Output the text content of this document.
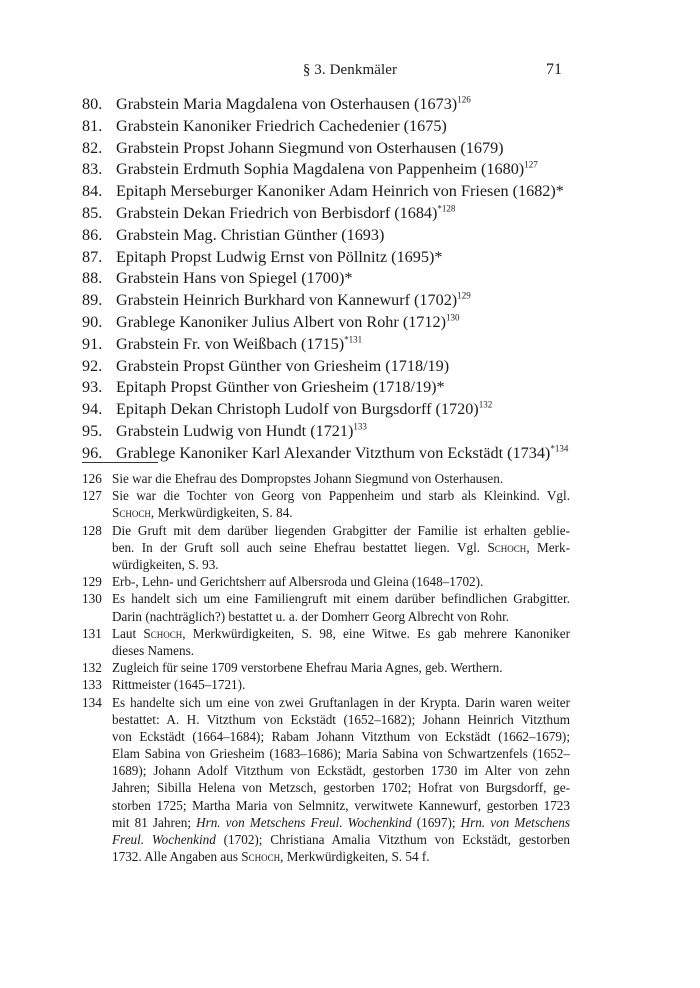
§ 3. Denkmäler	71
80. Grabstein Maria Magdalena von Osterhausen (1673)$^{126}$
81. Grabstein Kanoniker Friedrich Cachedenier (1675)
82. Grabstein Propst Johann Siegmund von Osterhausen (1679)
83. Grabstein Erdmuth Sophia Magdalena von Pappenheim (1680)$^{127}$
84. Epitaph Merseburger Kanoniker Adam Heinrich von Friesen (1682)*
85. Grabstein Dekan Friedrich von Berbisdorf (1684)$^{*128}$
86. Grabstein Mag. Christian Günther (1693)
87. Epitaph Propst Ludwig Ernst von Pöllnitz (1695)*
88. Grabstein Hans von Spiegel (1700)*
89. Grabstein Heinrich Burkhard von Kannewurf (1702)$^{129}$
90. Grablege Kanoniker Julius Albert von Rohr (1712)$^{130}$
91. Grabstein Fr. von Weißbach (1715)$^{*131}$
92. Grabstein Propst Günther von Griesheim (1718/19)
93. Epitaph Propst Günther von Griesheim (1718/19)*
94. Epitaph Dekan Christoph Ludolf von Burgsdorff (1720)$^{132}$
95. Grabstein Ludwig von Hundt (1721)$^{133}$
96. Grablege Kanoniker Karl Alexander Vitzthum von Eckstädt (1734)$^{*134}$
126 Sie war die Ehefrau des Dompropstes Johann Siegmund von Osterhausen.
127 Sie war die Tochter von Georg von Pappenheim und starb als Kleinkind. Vgl.
Schoch, Merkwürdigkeiten, S. 84.
128 Die Gruft mit dem darüber liegenden Grabgitter der Familie ist erhalten geblie-
ben. In der Gruft soll auch seine Ehefrau bestattet liegen. Vgl. Schoch, Merk-
würdigkeiten, S. 93.
129 Erb-, Lehn- und Gerichtsherr auf Albersroda und Gleina (1648–1702).
130 Es handelt sich um eine Familiengruft mit einem darüber befindlichen Grabgitter.
Darin (nachträglich?) bestattet u. a. der Domherr Georg Albrecht von Rohr.
131 Laut Schoch, Merkwürdigkeiten, S. 98, eine Witwe. Es gab mehrere Kanoniker
dieses Namens.
132 Zugleich für seine 1709 verstorbene Ehefrau Maria Agnes, geb. Werthern.
133 Rittmeister (1645–1721).
134 Es handelte sich um eine von zwei Gruftanlagen in der Krypta. Darin waren weiter
bestattet: A. H. Vitzthum von Eckstädt (1652–1682); Johann Heinrich Vitzthum
von Eckstädt (1664–1684); Rabam Johann Vitzthum von Eckstädt (1662–1679);
Elam Sabina von Griesheim (1683–1686); Maria Sabina von Schwartzenfels (1652–
1689); Johann Adolf Vitzthum von Eckstädt, gestorben 1730 im Alter von zehn
Jahren; Sibilla Helena von Metzsch, gestorben 1702; Hofrat von Burgsdorff, ge-
storben 1725; Martha Maria von Selmnitz, verwitwete Kannewurf, gestorben 1723
mit 81 Jahren; Hrn. von Metschens Freul. Wochenkind (1697); Hrn. von Metschens
Freul. Wochenkind (1702); Christiana Amalia Vitzthum von Eckstädt, gestorben
1732. Alle Angaben aus Schoch, Merkwürdigkeiten, S. 54 f.
